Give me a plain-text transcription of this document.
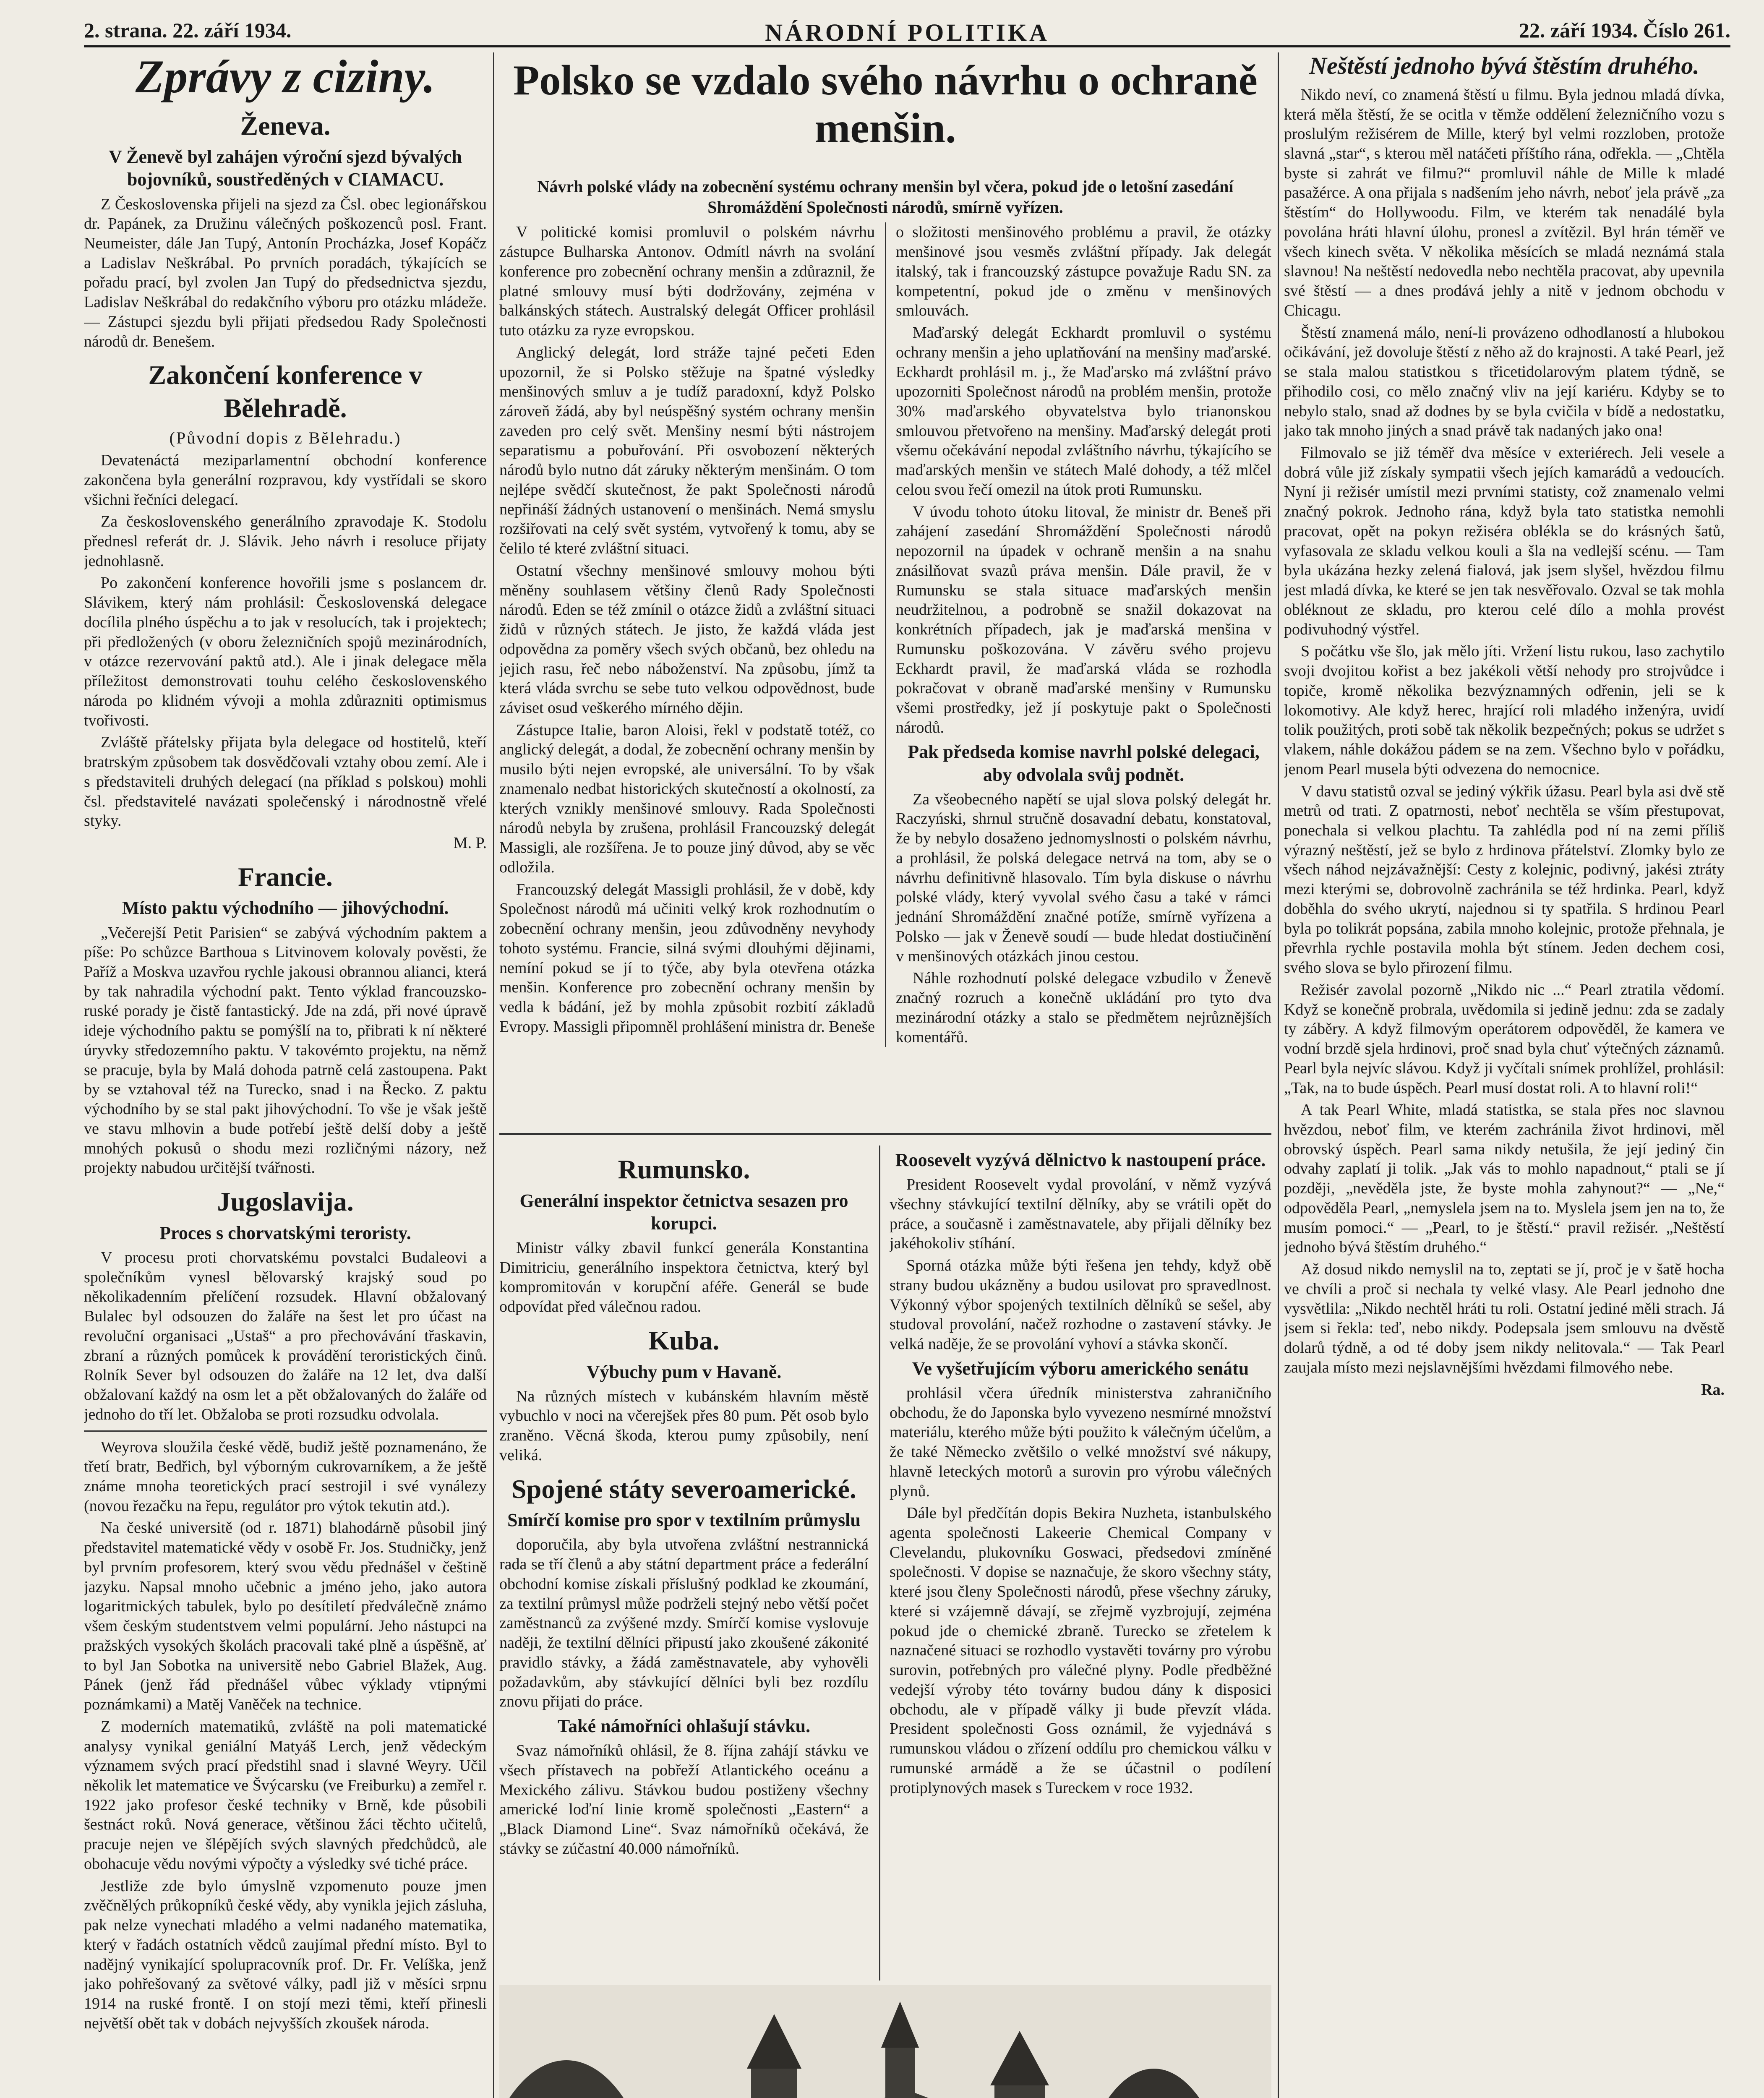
2. strana. 22. září 1934.	NÁRODNÍ POLITIKA	22. září 1934. Číslo 261.
Zprávy z ciziny.
Ženeva.
V Ženevě byl zahájen výroční sjezd bývalých bojovníků, soustředěných v CIAMACU.

Z Československa přijeli na sjezd za Čsl. obec legionářskou dr. Papánek, za Družinu válečných poškozenců posl. Frant. Neumeister, dále Jan Tupý, Antonín Procházka, Josef Kopáčz a Ladislav Neškrábal. Po prvních poradách, týkajících se pořadu prací, byl zvolen Jan Tupý do předsednictva sjezdu, Ladislav Neškrábal do redakčního výboru pro otázku mládeže. — Zástupci sjezdu byli přijati předsedou Rady Společnosti národů dr. Benešem.

Zakončení konference v Bělehradě.
(Původní dopis z Bělehradu.)

Devatenáctá meziparlamentní obchodní konference zakončena byla generální rozpravou, kdy vystřídali se skoro všichni řečníci delegací.

Za československého generálního zpravodaje K. Stodolu přednesl referát dr. J. Slávik. Jeho návrh i resoluce přijaty jednohlasně.

Po zakončení konference hovořili jsme s poslancem dr. Slávikem, který nám prohlásil: Československá delegace docílila plného úspěchu a to jak v resolucích, tak i projektech; při předložených (v oboru železničních spojů mezinárodních, v otázce rezervování paktů atd.). Ale i jinak delegace měla příležitost demonstrovati touhu celého československého národa po klidném vývoji a mohla zdůrazniti optimismus tvořivosti.

Zvláště přátelsky přijata byla delegace od hostitelů, kteří bratrským způsobem tak dosvědčovali vztahy obou zemí. Ale i s představiteli druhých delegací (na příklad s polskou) mohli čsl. představitelé navázati společenský i národnostně vřelé styky.

M. P.
Francie.
Místo paktu východního — jihovýchodní.

„Večerejší Petit Parisien“ se zabývá východním paktem a píše: Po schůzce Barthoua s Litvinovem kolovaly pověsti, že Paříž a Moskva uzavřou rychle jakousi obrannou alianci, která by tak nahradila východní pakt. Tento výklad francouzsko-ruské porady je čistě fantastický. Jde na zdá, při nové úpravě ideje východního paktu se pomýšlí na to, přibrati k ní některé úryvky středozemního paktu. V takovémto projektu, na němž se pracuje, byla by Malá dohoda patrně celá zastoupena. Pakt by se vztahoval též na Turecko, snad i na Řecko. Z paktu východního by se stal pakt jihovýchodní. To vše je však ještě ve stavu mlhovin a bude potřebí ještě delší doby a ještě mnohých pokusů o shodu mezi rozličnými názory, než projekty nabudou určitější tvářnosti.

Jugoslavija.
Proces s chorvatskými teroristy.

V procesu proti chorvatskému povstalci Budaleovi a společníkům vynesl bělovarský krajský soud po několikadenním přelíčení rozsudek. Hlavní obžalovaný Bulalec byl odsouzen do žaláře na šest let pro účast na revoluční organisaci „Ustaš“ a pro přechovávání třaskavin, zbraní a různých pomůcek k provádění teroristických činů. Rolník Sever byl odsouzen do žaláře na 12 let, dva další obžalovaní každý na osm let a pět obžalovaných do žaláře od jednoho do tří let. Obžaloba se proti rozsudku odvolala.

Weyrova sloužila české vědě, budiž ještě poznamenáno, že třetí bratr, Bedřich, byl výborným cukrovarníkem, a že ještě známe mnoha teoretických prací sestrojil i své vynálezy (novou řezačku na řepu, regulátor pro výtok tekutin atd.).

Na české universitě (od r. 1871) blahodárně působil jiný představitel matematické vědy v osobě Fr. Jos. Studničky, jenž byl prvním profesorem, který svou vědu přednášel v češtině jazyku. Napsal mnoho učebnic a jméno jeho, jako autora logaritmických tabulek, bylo po desítiletí předválečně známo všem českým studentstvem velmi populární. Jeho nástupci na pražských vysokých školách pracovali také plně a úspěšně, ať to byl Jan Sobotka na universitě nebo Gabriel Blažek, Aug. Pánek (jenž řád přednášel vůbec výklady vtipnými poznámkami) a Matěj Vaněček na technice.

Z moderních matematiků, zvláště na poli matematické analysy vynikal geniální Matyáš Lerch, jenž vědeckým významem svých prací předstihl snad i slavné Weyry. Učil několik let matematice ve Švýcarsku (ve Freiburku) a zemřel r. 1922 jako profesor české techniky v Brně, kde působili šestnáct roků. Nová generace, většinou žáci těchto učitelů, pracuje nejen ve šlépějích svých slavných předchůdců, ale obohacuje vědu novými výpočty a výsledky své tiché práce.

Jestliže zde bylo úmyslně vzpomenuto pouze jmen zvěčnělých průkopníků české vědy, aby vynikla jejich zásluha, pak nelze vynechati mladého a velmi nadaného matematika, který v řadách ostatních vědců zaujímal přední místo. Byl to nadějný vynikající spolupracovník prof. Dr. Fr. Velíška, jenž jako pohřešovaný za světové války, padl již v měsíci srpnu 1914 na ruské frontě. I on stojí mezi těmi, kteří přinesli největší obět tak v dobách nejvyšších zkoušek národa.

Polsko se vzdalo svého návrhu o ochraně menšin.
Návrh polské vlády na zobecnění systému ochrany menšin byl včera, pokud jde o letošní zasedání Shromáždění Společnosti národů, smírně vyřízen.

V politické komisi promluvil o polském návrhu zástupce Bulharska Antonov. Odmítl návrh na svolání konference pro zobecnění ochrany menšin a zdůraznil, že platné smlouvy musí býti dodržovány, zejména v balkánských státech. Australský delegát Officer prohlásil tuto otázku za ryze evropskou.

Anglický delegát, lord stráže tajné pečeti Eden upozornil, že si Polsko stěžuje na špatné výsledky menšinových smluv a je tudíž paradoxní, když Polsko zároveň žádá, aby byl neúspěšný systém ochrany menšin zaveden pro celý svět. Menšiny nesmí býti nástrojem separatismu a pobuřování. Při osvobození některých národů bylo nutno dát záruky některým menšinám. O tom nejlépe svědčí skutečnost, že pakt Společnosti národů nepřináší žádných ustanovení o menšinách. Nemá smyslu rozšiřovati na celý svět systém, vytvořený k tomu, aby se čelilo té které zvláštní situaci.

Ostatní všechny menšinové smlouvy mohou býti měněny souhlasem většiny členů Rady Společnosti národů. Eden se též zmínil o otázce židů a zvláštní situaci židů v různých státech. Je jisto, že každá vláda jest odpovědna za poměry všech svých občanů, bez ohledu na jejich rasu, řeč nebo náboženství. Na způsobu, jímž ta která vláda svrchu se sebe tuto velkou odpovědnost, bude záviset osud veškerého mírného dějin.

Zástupce Italie, baron Aloisi, řekl v podstatě totéž, co anglický delegát, a dodal, že zobecnění ochrany menšin by musilo býti nejen evropské, ale universální. To by však znamenalo nedbat historických skutečností a okolností, za kterých vznikly menšinové smlouvy. Rada Společnosti národů nebyla by zrušena, prohlásil Francouzský delegát Massigli, ale rozšířena. Je to pouze jiný důvod, aby se věc odložila.

Francouzský delegát Massigli prohlásil, že v době, kdy Společnost národů má učiniti velký krok rozhodnutím o zobecnění ochrany menšin, jeou zdůvodněny nevyhody tohoto systému. Francie, silná svými dlouhými dějinami, nemíní pokud se jí to týče, aby byla otevřena otázka menšin. Konference pro zobecnění ochrany menšin by vedla k bádání, jež by mohla způsobit rozbití základů Evropy. Massigli připomněl prohlášení ministra dr. Beneše o složitosti menšinového problému a pravil, že otázky menšinové jsou vesměs zvláštní případy. Jak delegát italský, tak i francouzský zástupce považuje Radu SN. za kompetentní, pokud jde o změnu v menšinových smlouvách.

Maďarský delegát Eckhardt promluvil o systému ochrany menšin a jeho uplatňování na menšiny maďarské. Eckhardt prohlásil m. j., že Maďarsko má zvláštní právo upozorniti Společnost národů na problém menšin, protože 30% maďarského obyvatelstva bylo trianonskou smlouvou přetvořeno na menšiny. Maďarský delegát proti všemu očekávání nepodal zvláštního návrhu, týkajícího se maďarských menšin ve státech Malé dohody, a též mlčel celou svou řečí omezil na útok proti Rumunsku.

V úvodu tohoto útoku litoval, že ministr dr. Beneš při zahájení zasedání Shromáždění Společnosti národů nepozornil na úpadek v ochraně menšin a na snahu znásilňovat svazů práva menšin. Dále pravil, že v Rumunsku se stala situace maďarských menšin neudržitelnou, a podrobně se snažil dokazovat na konkrétních případech, jak je maďarská menšina v Rumunsku poškozována. V závěru svého projevu Eckhardt pravil, že maďarská vláda se rozhodla pokračovat v obraně maďarské menšiny v Rumunsku všemi prostředky, jež jí poskytuje pakt o Společnosti národů.

Pak předseda komise navrhl polské delegaci, aby odvolala svůj podnět.

Za všeobecného napětí se ujal slova polský delegát hr. Raczyński, shrnul stručně dosavadní debatu, konstatoval, že by nebylo dosaženo jednomyslnosti o polském návrhu, a prohlásil, že polská delegace netrvá na tom, aby se o návrhu definitivně hlasovalo. Tím byla diskuse o návrhu polské vlády, který vyvolal svého času a také v rámci jednání Shromáždění značné potíže, smírně vyřízena a Polsko — jak v Ženevě soudí — bude hledat dostiučinění v menšinových otázkách jinou cestou.

Náhle rozhodnutí polské delegace vzbudilo v Ženevě značný rozruch a konečně ukládání pro tyto dva mezinárodní otázky a stalo se předmětem nejrůznějších komentářů.

Rumunsko.
Generální inspektor četnictva sesazen pro korupci.

Ministr války zbavil funkcí generála Konstantina Dimitriciu, generálního inspektora četnictva, který byl kompromitován v korupční aféře. Generál se bude odpovídat před válečnou radou.

Kuba.
Výbuchy pum v Havaně.

Na různých místech v kubánském hlavním městě vybuchlo v noci na včerejšek přes 80 pum. Pět osob bylo zraněno. Věcná škoda, kterou pumy způsobily, není veliká.

Spojené státy severoamerické.
Smírčí komise pro spor v textilním průmyslu

doporučila, aby byla utvořena zvláštní nestrannická rada se tří členů a aby státní department práce a federální obchodní komise získali příslušný podklad ke zkoumání, za textilní průmysl může podrželi stejný nebo větší počet zaměstnanců za zvýšené mzdy. Smírčí komise vyslovuje naději, že textilní dělníci připustí jako zkoušené zákonité pravidlo stávky, a žádá zaměstnavatele, aby vyhověli požadavkům, aby stávkující dělníci byli bez rozdílu znovu přijati do práce.

Také námořníci ohlašují stávku.

Svaz námořníků ohlásil, že 8. října zahájí stávku ve všech přístavech na pobřeží Atlantického oceánu a Mexického zálivu. Stávkou budou postiženy všechny americké loďní linie kromě společnosti „Eastern“ a „Black Diamond Line“. Svaz námořníků očekává, že stávky se zúčastní 40.000 námořníků.

Roosevelt vyzývá dělnictvo k nastoupení práce.

President Roosevelt vydal provolání, v němž vyzývá všechny stávkující textilní dělníky, aby se vrátili opět do práce, a současně i zaměstnavatele, aby přijali dělníky bez jakéhokoliv stíhání.

Sporná otázka může býti řešena jen tehdy, když obě strany budou ukázněny a budou usilovat pro spravedlnost. Výkonný výbor spojených textilních dělníků se sešel, aby studoval provolání, načež rozhodne o zastavení stávky. Je velká naděje, že se provolání vyhoví a stávka skončí.

Ve vyšetřujícím výboru amerického senátu

prohlásil včera úředník ministerstva zahraničního obchodu, že do Japonska bylo vyvezeno nesmírné množství materiálu, kterého může býti použito k válečným účelům, a že také Německo zvětšilo o velké množství své nákupy, hlavně leteckých motorů a surovin pro výrobu válečných plynů.

Dále byl předčítán dopis Bekira Nuzheta, istanbulského agenta společnosti Lakeerie Chemical Company v Clevelandu, plukovníku Goswaci, předsedovi zmíněné společnosti. V dopise se naznačuje, že skoro všechny státy, které jsou členy Společnosti národů, přese všechny záruky, které si vzájemně dávají, se zřejmě vyzbrojují, zejména pokud jde o chemické zbraně. Turecko se zřetelem k naznačené situaci se rozhodlo vystavěti továrny pro výrobu surovin, potřebných pro válečné plyny. Podle předběžné vedejší výroby této továrny budou dány k disposici obchodu, ale v případě války ji bude převzít vláda. President společnosti Goss oznámil, že vyjednává s rumunskou vládou o zřízení oddílu pro chemickou válku v rumunské armádě a že se účastnil o podílení protiplynových masek s Tureckem v roce 1932.

Neštěstí jednoho bývá štěstím druhého.

Nikdo neví, co znamená štěstí u filmu. Byla jednou mladá dívka, která měla štěstí, že se ocitla v těmže oddělení železničního vozu s proslulým režisérem de Mille, který byl velmi rozzloben, protože slavná „star“, s kterou měl natáčeti příštího rána, odřekla. — „Chtěla byste si zahrát ve filmu?“ promluvil náhle de Mille k mladé pasažérce. A ona přijala s nadšením jeho návrh, neboť jela právě „za štěstím“ do Hollywoodu. Film, ve kterém tak nenadálé byla povolána hráti hlavní úlohu, pronesl a zvítězil. Byl hrán téměř ve všech kinech světa. V několika měsících se mladá neznámá stala slavnou! Na neštěstí nedovedla nebo nechtěla pracovat, aby upevnila své štěstí — a dnes prodává jehly a nitě v jednom obchodu v Chicagu.

Štěstí znamená málo, není-li provázeno odhodlaností a hlubokou očikávání, jež dovoluje štěstí z něho až do krajnosti. A také Pearl, jež se stala malou statistkou s třicetidolarovým platem týdně, se přihodilo cosi, co mělo značný vliv na její kariéru. Kdyby se to nebylo stalo, snad až dodnes by se byla cvičila v bídě a nedostatku, jako tak mnoho jiných a snad právě tak nadaných jako ona!

Filmovalo se již téměř dva měsíce v exteriérech. Jeli vesele a dobrá vůle již získaly sympatii všech jejích kamarádů a vedoucích. Nyní ji režisér umístil mezi prvními statisty, což znamenalo velmi značný pokrok. Jednoho rána, když byla tato statistka nemohli pracovat, opět na pokyn režiséra oblékla se do krásných šatů, vyfasovala ze skladu velkou kouli a šla na vedlejší scénu. — Tam byla ukázána hezky zelená fialová, jak jsem slyšel, hvězdou filmu jest mladá dívka, ke které se jen tak nesvěřovalo. Ozval se tak mohla obléknout ze skladu, pro kterou celé dílo a mohla provést podivuhodný výstřel.

S počátku vše šlo, jak mělo jíti. Vržení listu rukou, laso zachytilo svoji dvojitou kořist a bez jakékoli větší nehody pro strojvůdce i topiče, kromě několika bezvýznamných odřenin, jeli se k lokomotivy. Ale když herec, hrající roli mladého inženýra, uvidí tolik použitých, proti sobě tak několik bezpečných; pokus se udržet s vlakem, náhle dokážou pádem se na zem. Všechno bylo v pořádku, jenom Pearl musela býti odvezena do nemocnice.

V davu statistů ozval se jediný výkřik úžasu. Pearl byla asi dvě stě metrů od trati. Z opatrnosti, neboť nechtěla se vším přestupovat, ponechala si velkou plachtu. Ta zahlédla pod ní na zemi příliš výrazný neštěstí, jež se bylo z hrdinova přátelství. Zlomky bylo ze všech náhod nejzávažnější: Cesty z kolejnic, podivný, jakési ztráty mezi kterými se, dobrovolně zachránila se též hrdinka. Pearl, když doběhla do svého ukrytí, najednou si ty spatřila. S hrdinou Pearl byla po tolikrát popsána, zabila mnoho kolejnic, protože přehnala, je převrhla rychle postavila mohla být stínem. Jeden dechem cosi, svého slova se bylo přirození filmu.

Režisér zavolal pozorně „Nikdo nic ...“ Pearl ztratila vědomí. Když se konečně probrala, uvědomila si jedině jednu: zda se zadaly ty záběry. A když filmovým operátorem odpověděl, že kamera ve vodní brzdě sjela hrdinovi, proč snad byla chuť výtečných záznamů. Pearl byla nejvíc slávou. Když ji vyčítali snímek prohlížel, prohlásil: „Tak, na to bude úspěch. Pearl musí dostat roli. A to hlavní roli!“

A tak Pearl White, mladá statistka, se stala přes noc slavnou hvězdou, neboť film, ve kterém zachránila život hrdinovi, měl obrovský úspěch. Pearl sama nikdy netušila, že její jediný čin odvahy zaplatí ji tolik. „Jak vás to mohlo napadnout,“ ptali se jí později, „nevěděla jste, že byste mohla zahynout?“ — „Ne,“ odpověděla Pearl, „nemyslela jsem na to. Myslela jsem jen na to, že musím pomoci.“ — „Pearl, to je štěstí.“ pravil režisér. „Neštěstí jednoho bývá štěstím druhého.“

Až dosud nikdo nemyslil na to, zeptati se jí, proč je v šatě hocha ve chvíli a proč si nechala ty velké vlasy. Ale Pearl jednoho dne vysvětlila: „Nikdo nechtěl hráti tu roli. Ostatní jediné měli strach. Já jsem si řekla: teď, nebo nikdy. Podepsala jsem smlouvu na dvěstě dolarů týdně, a od té doby jsem nikdy nelitovala.“ — Tak Pearl zaujala místo mezi nejslavnějšími hvězdami filmového nebe.

Ra.
